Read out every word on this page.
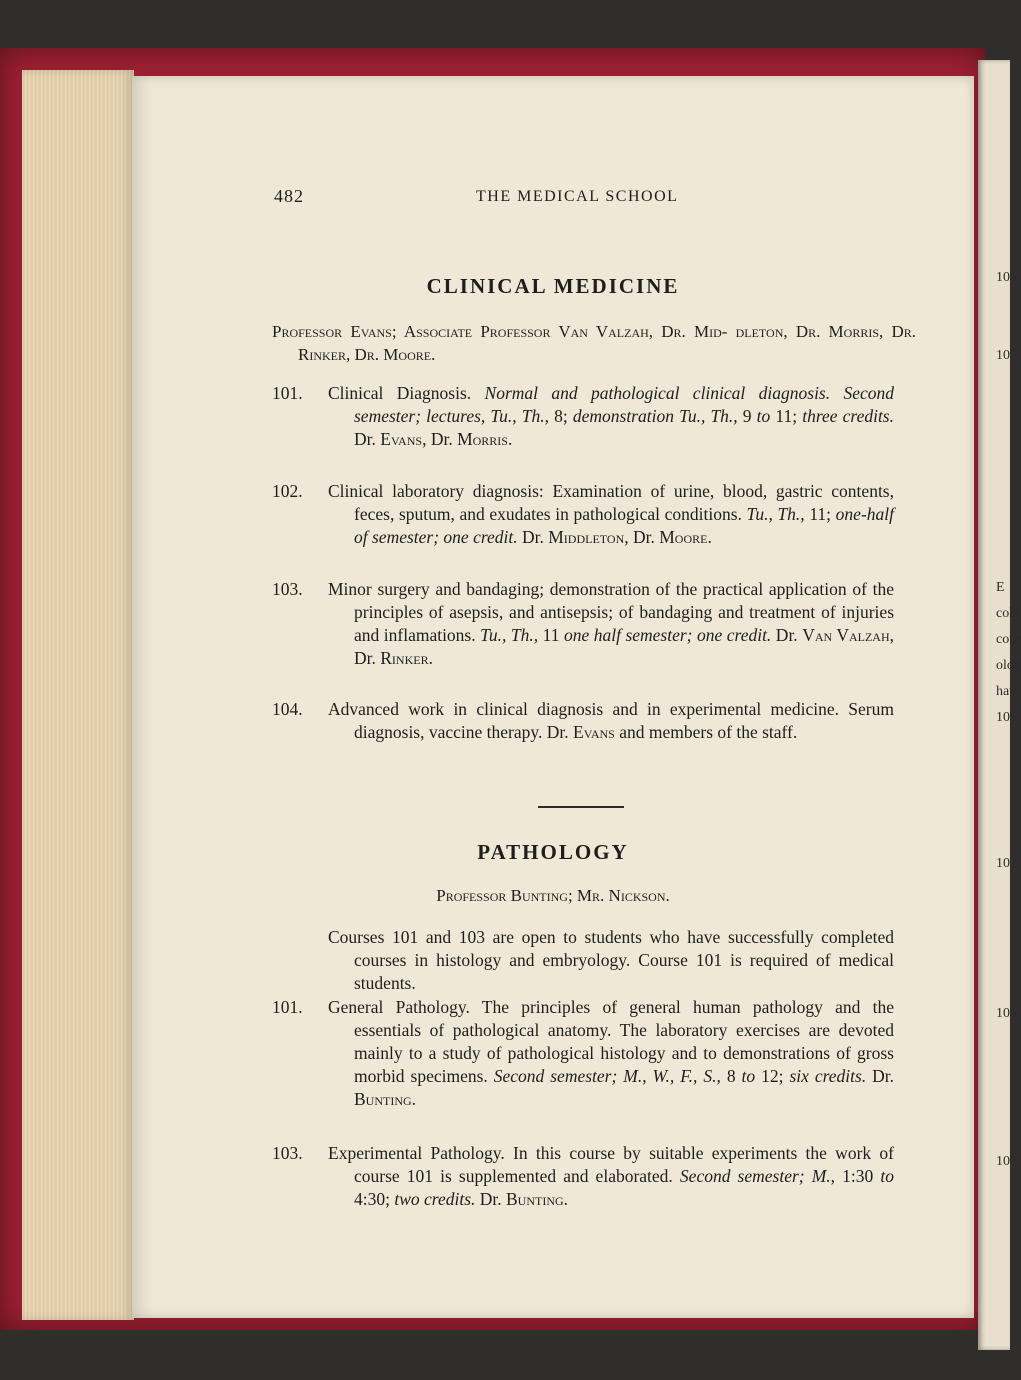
482	THE MEDICAL SCHOOL
CLINICAL MEDICINE
Professor Evans; Associate Professor Van Valzah, Dr. Mid- dleton, Dr. Morris, Dr. Rinker, Dr. Moore.
101. Clinical Diagnosis. Normal and pathological clinical diagnosis. Second semester; lectures, Tu., Th., 8; demonstration Tu., Th., 9 to 11; three credits. Dr. Evans, Dr. Morris.
102. Clinical laboratory diagnosis: Examination of urine, blood, gastric contents, feces, sputum, and exudates in pathological conditions. Tu., Th., 11; one-half of semester; one credit. Dr. Middleton, Dr. Moore.
103. Minor surgery and bandaging; demonstration of the practical application of the principles of asepsis, and antisepsis; of bandaging and treatment of injuries and inflamations. Tu., Th., 11 one half semester; one credit. Dr. Van Valzah, Dr. Rinker.
104. Advanced work in clinical diagnosis and in experimental medicine. Serum diagnosis, vaccine therapy. Dr. Evans and members of the staff.
PATHOLOGY
Professor Bunting; Mr. Nickson.
Courses 101 and 103 are open to students who have successfully completed courses in histology and embryology. Course 101 is required of medical students.
101. General Pathology. The principles of general human pathology and the essentials of pathological anatomy. The laboratory exercises are devoted mainly to a study of pathological histology and to demonstrations of gross morbid specimens. Second semester; M., W., F., S., 8 to 12; six credits. Dr. Bunting.
103. Experimental Pathology. In this course by suitable experiments the work of course 101 is supplemented and elaborated. Second semester; M., 1:30 to 4:30; two credits. Dr. Bunting.
104
105
E
colo
cour
olog
hav
101.
102.
104.
105.
